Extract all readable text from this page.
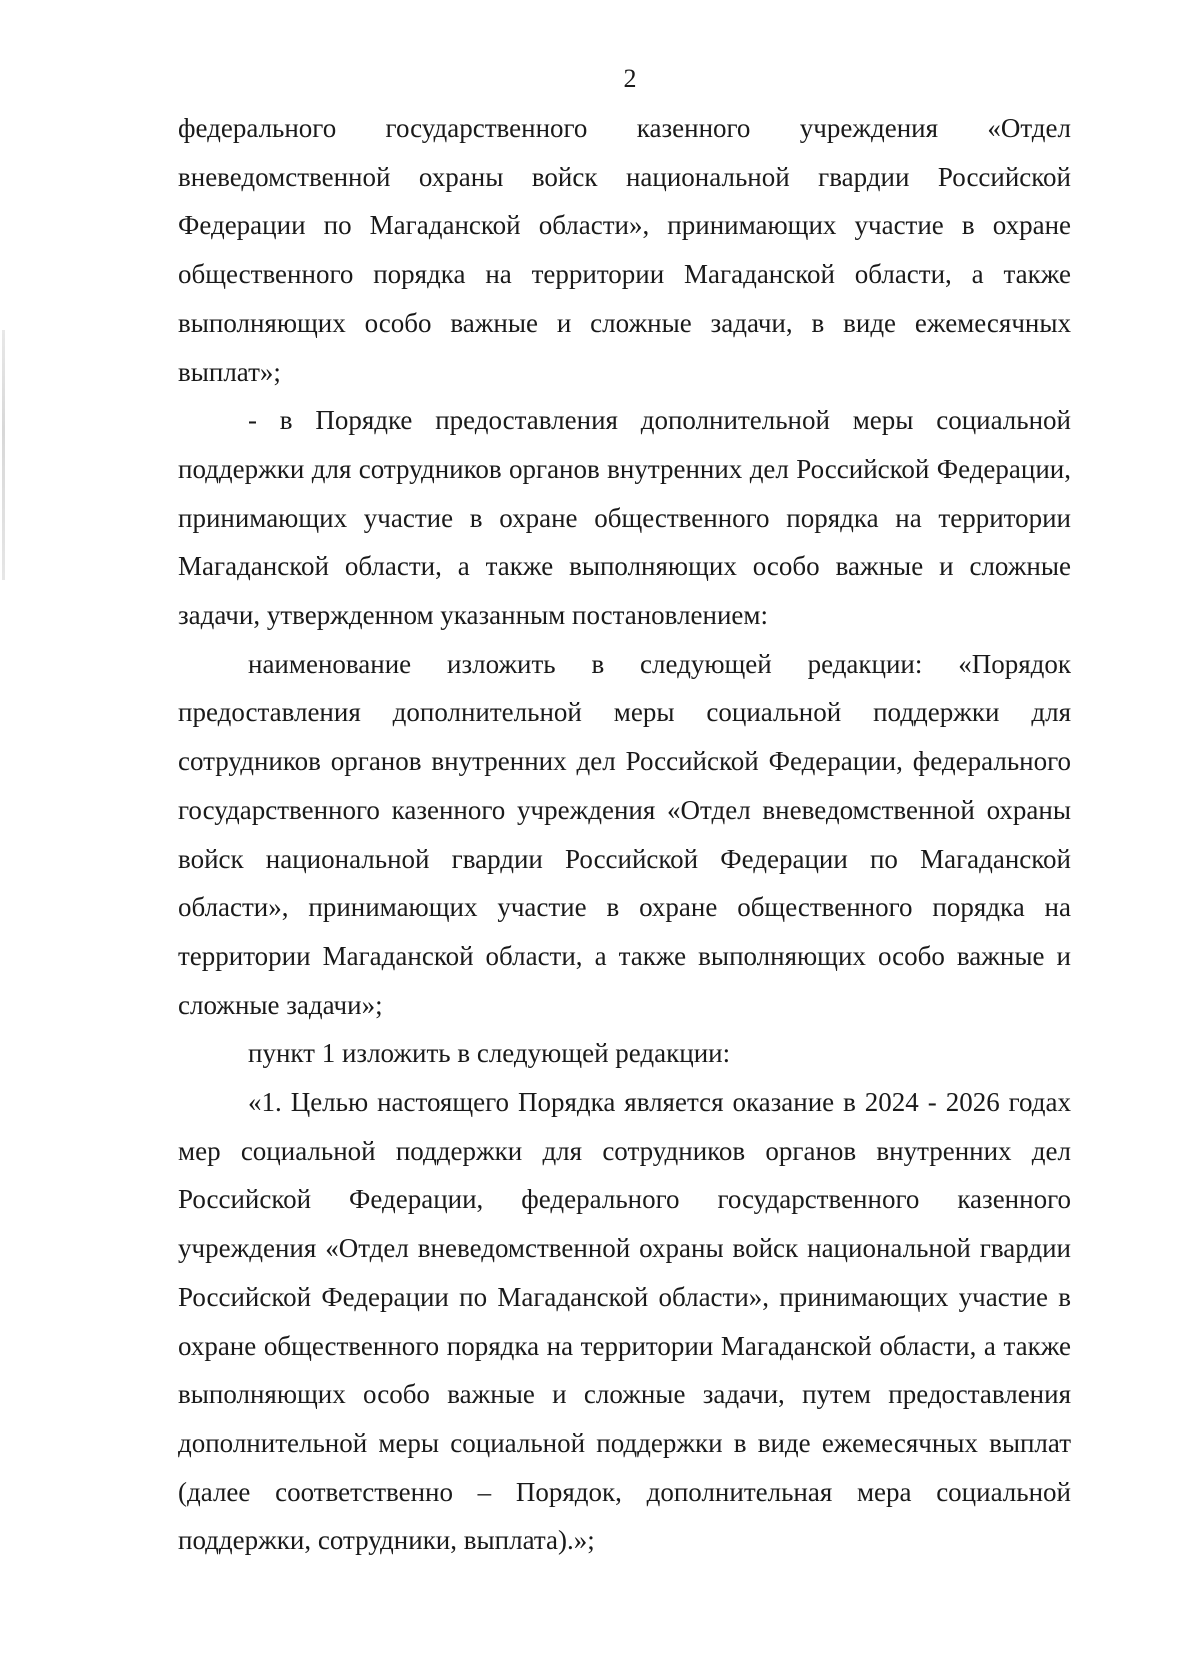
2

федерального государственного казенного учреждения «Отдел вневедомственной охраны войск национальной гвардии Российской Федерации по Магаданской области», принимающих участие в охране общественного порядка на территории Магаданской области, а также выполняющих особо важные и сложные задачи, в виде ежемесячных выплат»;

- в Порядке предоставления дополнительной меры социальной поддержки для сотрудников органов внутренних дел Российской Федерации, принимающих участие в охране общественного порядка на территории Магаданской области, а также выполняющих особо важные и сложные задачи, утвержденном указанным постановлением:

наименование изложить в следующей редакции: «Порядок предоставления дополнительной меры социальной поддержки для сотрудников органов внутренних дел Российской Федерации, федерального государственного казенного учреждения «Отдел вневедомственной охраны войск национальной гвардии Российской Федерации по Магаданской области», принимающих участие в охране общественного порядка на территории Магаданской области, а также выполняющих особо важные и сложные задачи»;

пункт 1 изложить в следующей редакции:

«1. Целью настоящего Порядка является оказание в 2024 - 2026 годах мер социальной поддержки для сотрудников органов внутренних дел Российской Федерации, федерального государственного казенного учреждения «Отдел вневедомственной охраны войск национальной гвардии Российской Федерации по Магаданской области», принимающих участие в охране общественного порядка на территории Магаданской области, а также выполняющих особо важные и сложные задачи, путем предоставления дополнительной меры социальной поддержки в виде ежемесячных выплат (далее соответственно – Порядок, дополнительная мера социальной поддержки, сотрудники, выплата).»;
